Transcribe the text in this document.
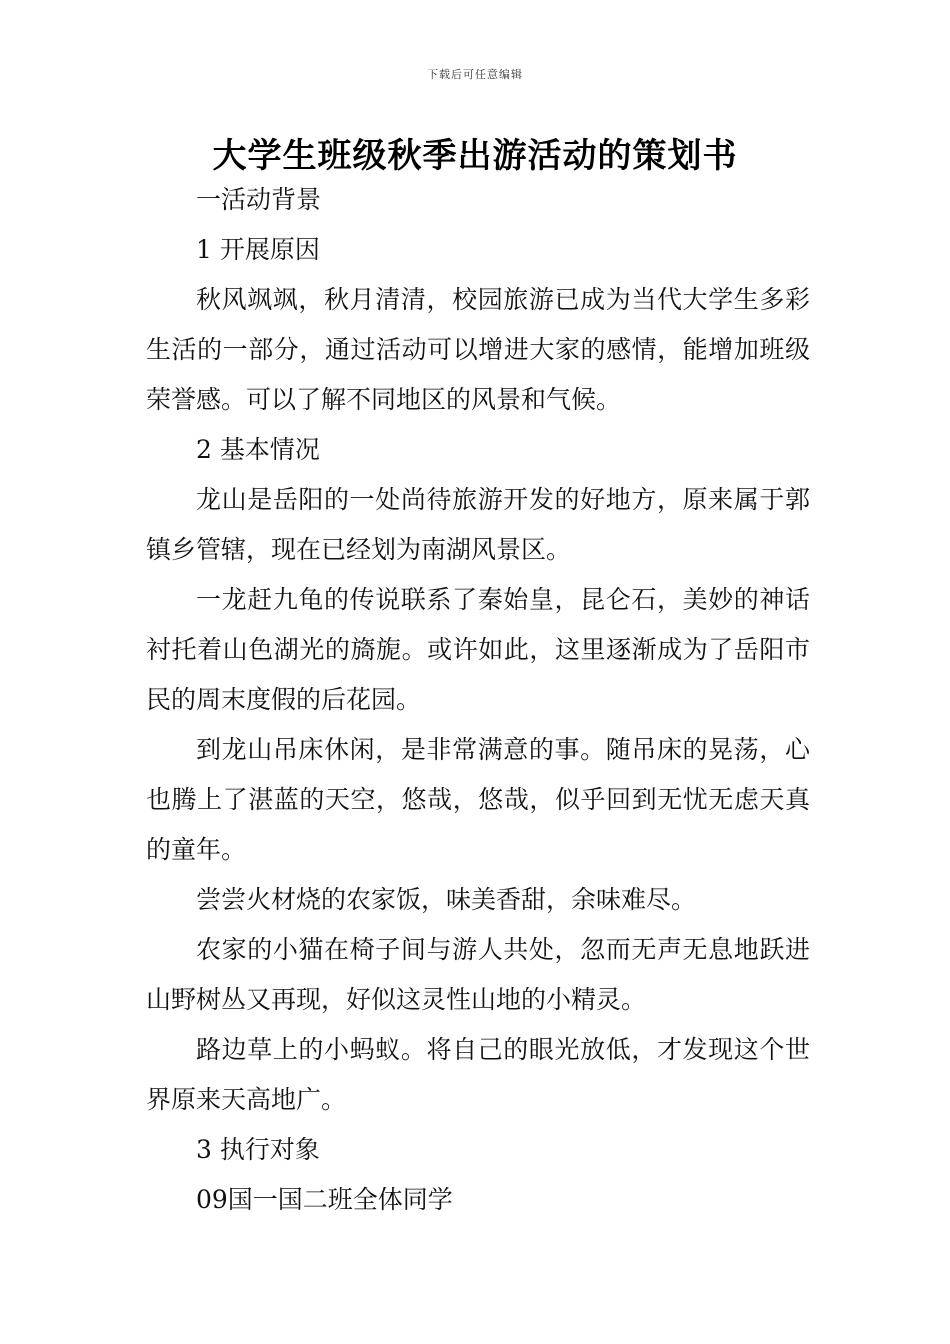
下载后可任意编辑
大学生班级秋季出游活动的策划书

一活动背景

1 开展原因

秋风飒飒，秋月清清，校园旅游已成为当代大学生多彩生活的一部分，通过活动可以增进大家的感情，能增加班级荣誉感。可以了解不同地区的风景和气候。

2 基本情况

龙山是岳阳的一处尚待旅游开发的好地方，原来属于郭镇乡管辖，现在已经划为南湖风景区。

一龙赶九龟的传说联系了秦始皇，昆仑石，美妙的神话衬托着山色湖光的旖旎。或许如此，这里逐渐成为了岳阳市民的周末度假的后花园。

到龙山吊床休闲，是非常满意的事。随吊床的晃荡，心也腾上了湛蓝的天空，悠哉，悠哉，似乎回到无忧无虑天真的童年。

尝尝火材烧的农家饭，味美香甜，余味难尽。

农家的小猫在椅子间与游人共处，忽而无声无息地跃进山野树丛又再现，好似这灵性山地的小精灵。

路边草上的小蚂蚁。将自己的眼光放低，才发现这个世界原来天高地广。

3 执行对象

09国一国二班全体同学
